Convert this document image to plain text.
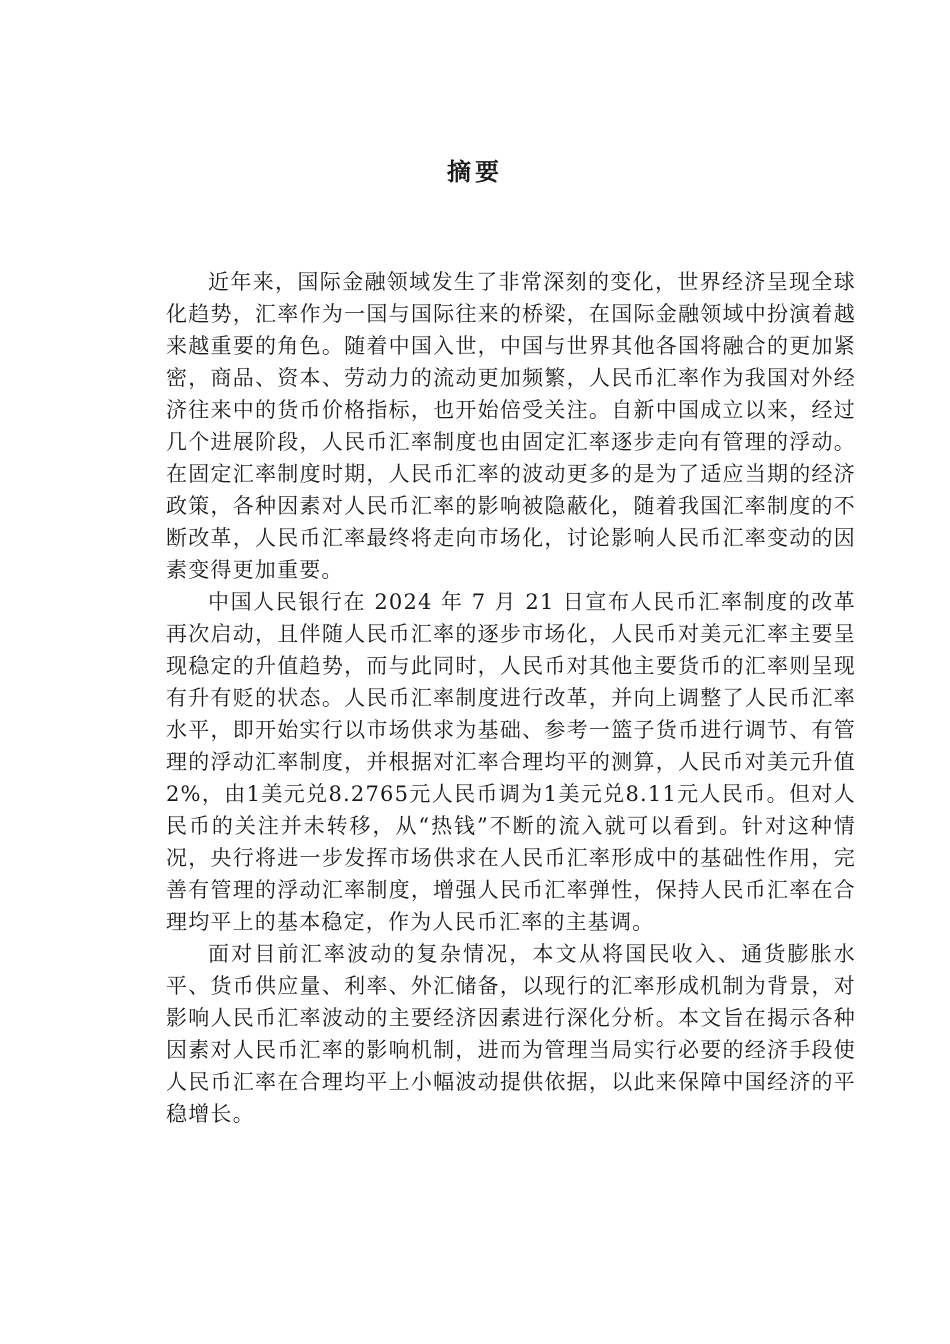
摘要

近年来，国际金融领域发生了非常深刻的变化，世界经济呈现全球化趋势，汇率作为一国与国际往来的桥梁，在国际金融领域中扮演着越来越重要的角色。随着中国入世，中国与世界其他各国将融合的更加紧密，商品、资本、劳动力的流动更加频繁，人民币汇率作为我国对外经济往来中的货币价格指标，也开始倍受关注。自新中国成立以来，经过几个进展阶段，人民币汇率制度也由固定汇率逐步走向有管理的浮动。在固定汇率制度时期，人民币汇率的波动更多的是为了适应当期的经济政策，各种因素对人民币汇率的影响被隐蔽化，随着我国汇率制度的不断改革，人民币汇率最终将走向市场化，讨论影响人民币汇率变动的因素变得更加重要。

中国人民银行在 2024 年 7 月 21 日宣布人民币汇率制度的改革再次启动，且伴随人民币汇率的逐步市场化，人民币对美元汇率主要呈现稳定的升值趋势，而与此同时，人民币对其他主要货币的汇率则呈现有升有贬的状态。人民币汇率制度进行改革，并向上调整了人民币汇率水平，即开始实行以市场供求为基础、参考一篮子货币进行调节、有管理的浮动汇率制度，并根据对汇率合理均平的测算，人民币对美元升值2%，由1美元兑8.2765元人民币调为1美元兑8.11元人民币。但对人民币的关注并未转移，从“热钱”不断的流入就可以看到。针对这种情况，央行将进一步发挥市场供求在人民币汇率形成中的基础性作用，完善有管理的浮动汇率制度，增强人民币汇率弹性，保持人民币汇率在合理均平上的基本稳定，作为人民币汇率的主基调。

面对目前汇率波动的复杂情况，本文从将国民收入、通货膨胀水平、货币供应量、利率、外汇储备，以现行的汇率形成机制为背景，对影响人民币汇率波动的主要经济因素进行深化分析。本文旨在揭示各种因素对人民币汇率的影响机制，进而为管理当局实行必要的经济手段使人民币汇率在合理均平上小幅波动提供依据，以此来保障中国经济的平稳增长。
